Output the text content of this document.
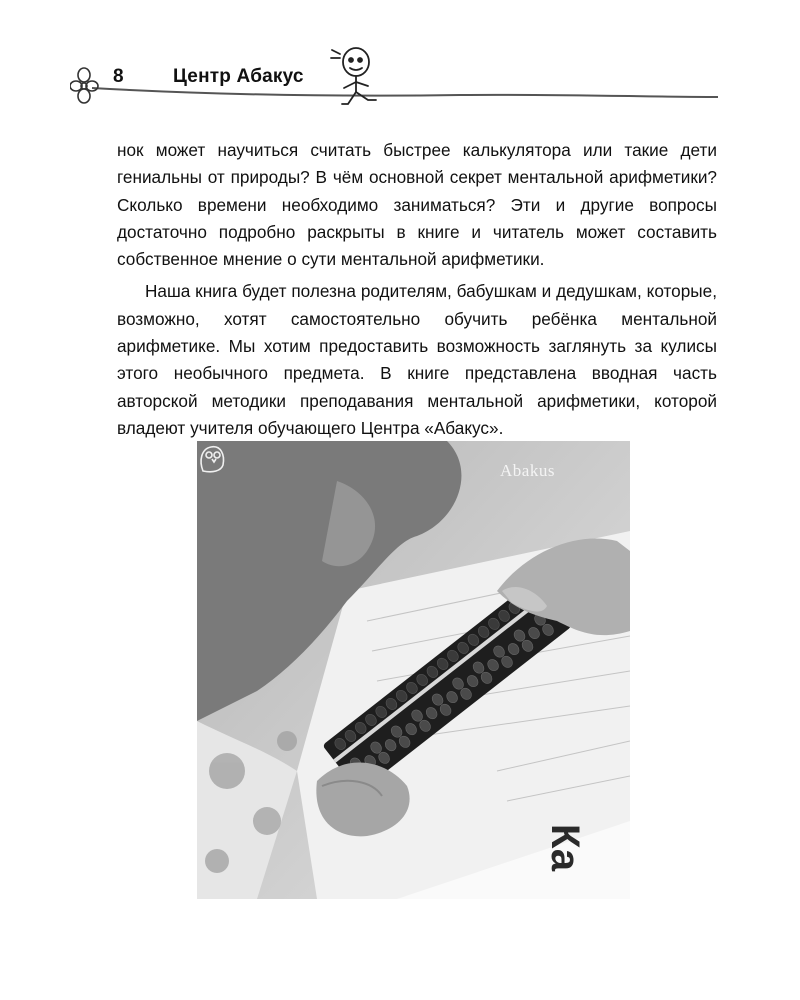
8	Центр Абакус

нок может научиться считать быстрее калькулятора или такие дети гениальны от природы? В чём основной секрет ментальной арифметики? Сколько времени необходимо заниматься? Эти и другие вопросы достаточно подробно раскрыты в книге и читатель может составить собственное мнение о сути ментальной арифметики.

Наша книга будет полезна родителям, бабушкам и дедушкам, которые, возможно, хотят самостоятельно обучить ребёнка ментальной арифметике. Мы хотим предоставить возможность заглянуть за кулисы этого необычного предмета. В книге представлена вводная часть авторской методики преподавания ментальной арифметики, которой владеют учителя обучающего Центра «Абакус».

Abakus
Ка
